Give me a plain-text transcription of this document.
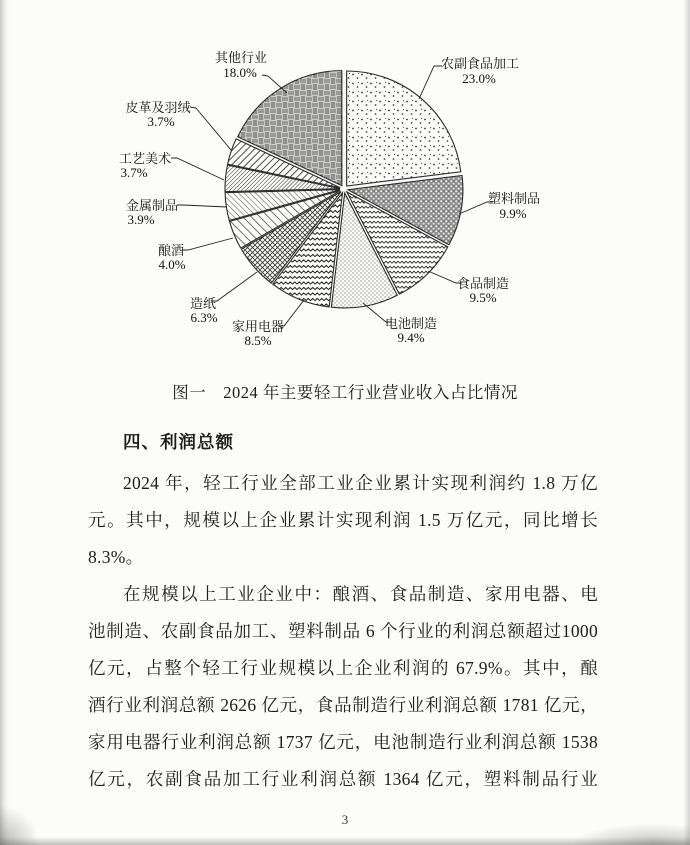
农副食品加工
23.0%
塑料制品
9.9%
食品制造
9.5%
电池制造
9.4%
家用电器
8.5%
造纸
6.3%
酿酒
4.0%
金属制品
3.9%
工艺美术
3.7%
皮革及羽绒
3.7%
其他行业
18.0%
图一　2024 年主要轻工行业营业收入占比情况
四、利润总额
2024 年，轻工行业全部工业企业累计实现利润约 1.8 万亿
元。其中，规模以上企业累计实现利润 1.5 万亿元，同比增长
8.3%。
在规模以上工业企业中：酿酒、食品制造、家用电器、电
池制造、农副食品加工、塑料制品 6 个行业的利润总额超过1000
亿元，占整个轻工行业规模以上企业利润的 67.9%。其中，酿
酒行业利润总额 2626 亿元，食品制造行业利润总额 1781 亿元，
家用电器行业利润总额 1737 亿元，电池制造行业利润总额 1538
亿元，农副食品加工行业利润总额 1364 亿元，塑料制品行业
3
